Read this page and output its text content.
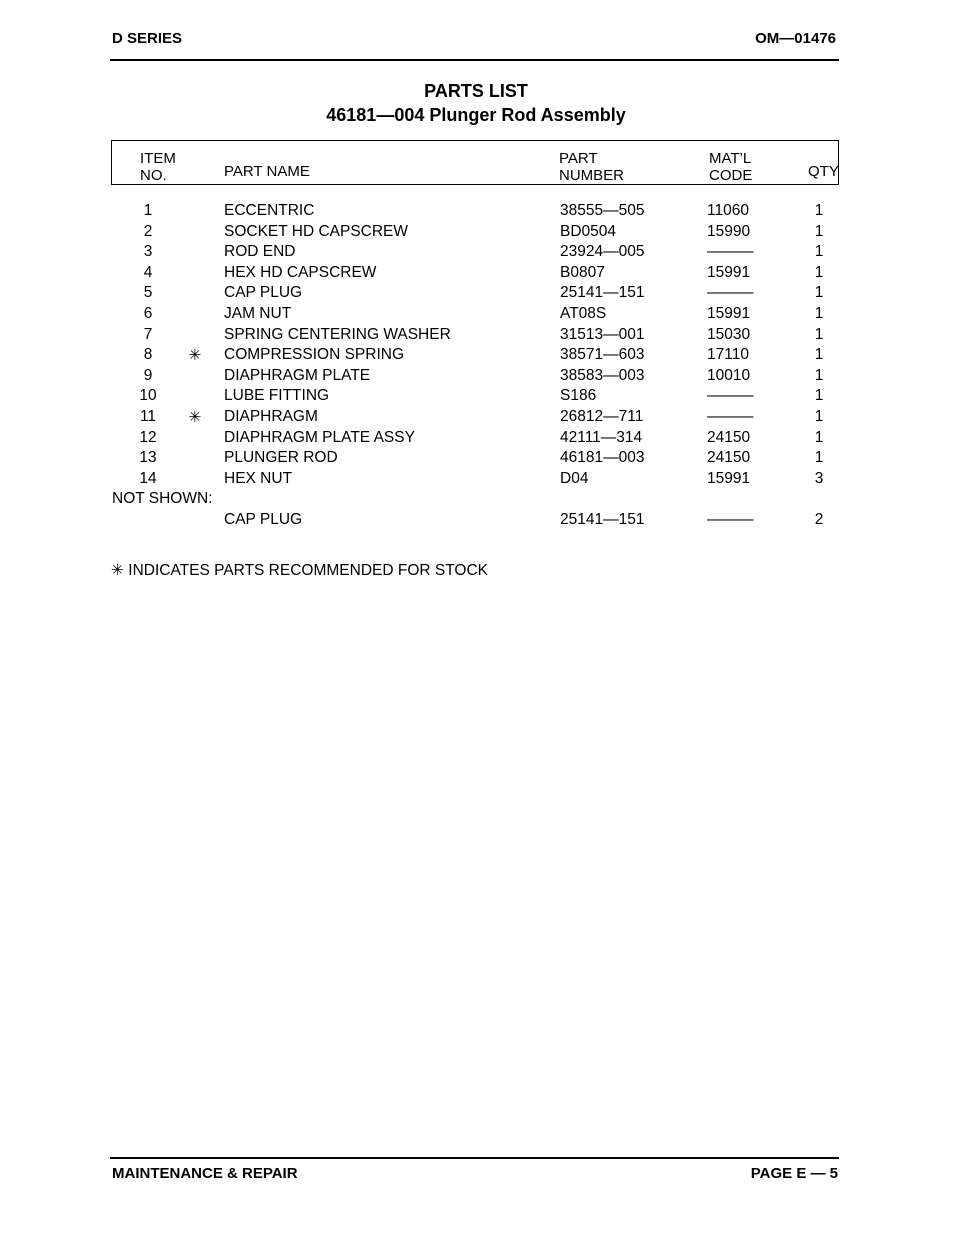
D SERIES	OM—01476
PARTS LIST
46181—004 Plunger Rod Assembly
ITEM
NO.	PART NAME
PART
NUMBER
MAT’L
CODE	QTY
1	ECCENTRIC	38555—505	11060	1
2	SOCKET HD CAPSCREW	BD0504	15990	1
3	ROD END	23924—005	———	1
4	HEX HD CAPSCREW	B0807	15991	1
5	CAP PLUG	25141—151	———	1
6	JAM NUT	AT08S	15991	1
7	SPRING CENTERING WASHER	31513—001	15030	1
8	✳ COMPRESSION SPRING	38571—603	17110	1
9	DIAPHRAGM PLATE	38583—003	10010	1
10	LUBE FITTING	S186	———	1
11	✳ DIAPHRAGM	26812—711	———	1
12	DIAPHRAGM PLATE ASSY	42111—314	24150	1
13	PLUNGER ROD	46181—003	24150	1
14	HEX NUT	D04	15991	3
NOT SHOWN:
CAP PLUG	25141—151	———	2
✳ INDICATES PARTS RECOMMENDED FOR STOCK
MAINTENANCE & REPAIR	PAGE E — 5
